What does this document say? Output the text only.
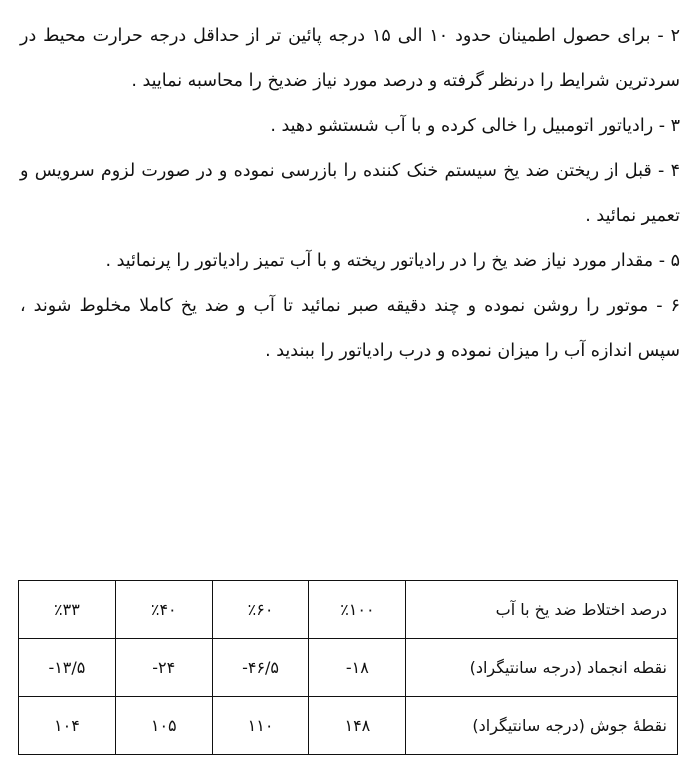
۲ - برای حصول اطمینان حدود ۱۰ الی ۱۵ درجه پائین تر از حداقل درجه حرارت محیط در سردترین شرایط را درنظر گرفته و درصد مورد نیاز ضدیخ را محاسبه نمایید .
۳ - رادیاتور اتومبیل را خالی کرده و با آب شستشو دهید .
۴ - قبل از ریختن ضد یخ سیستم خنک کننده را بازرسی نموده و در صورت لزوم سرویس و تعمیر نمائید .
۵ - مقدار مورد نیاز ضد یخ را در رادیاتور ریخته و با آب تمیز رادیاتور را پرنمائید .
۶ - موتور را روشن نموده و چند دقیقه صبر نمائید تا آب و ضد یخ کاملا مخلوط شوند ، سپس اندازه آب را میزان نموده و درب رادیاتور را ببندید .
درصد اختلاط ضد یخ با آب	٪۱۰۰	٪۶۰	٪۴۰	٪۳۳
نقطه انجماد (درجه سانتیگراد)	-۱۸	-۴۶/۵	-۲۴	-۱۳/۵
نقطهٔ جوش (درجه سانتیگراد)	۱۴۸	۱۱۰	۱۰۵	۱۰۴
